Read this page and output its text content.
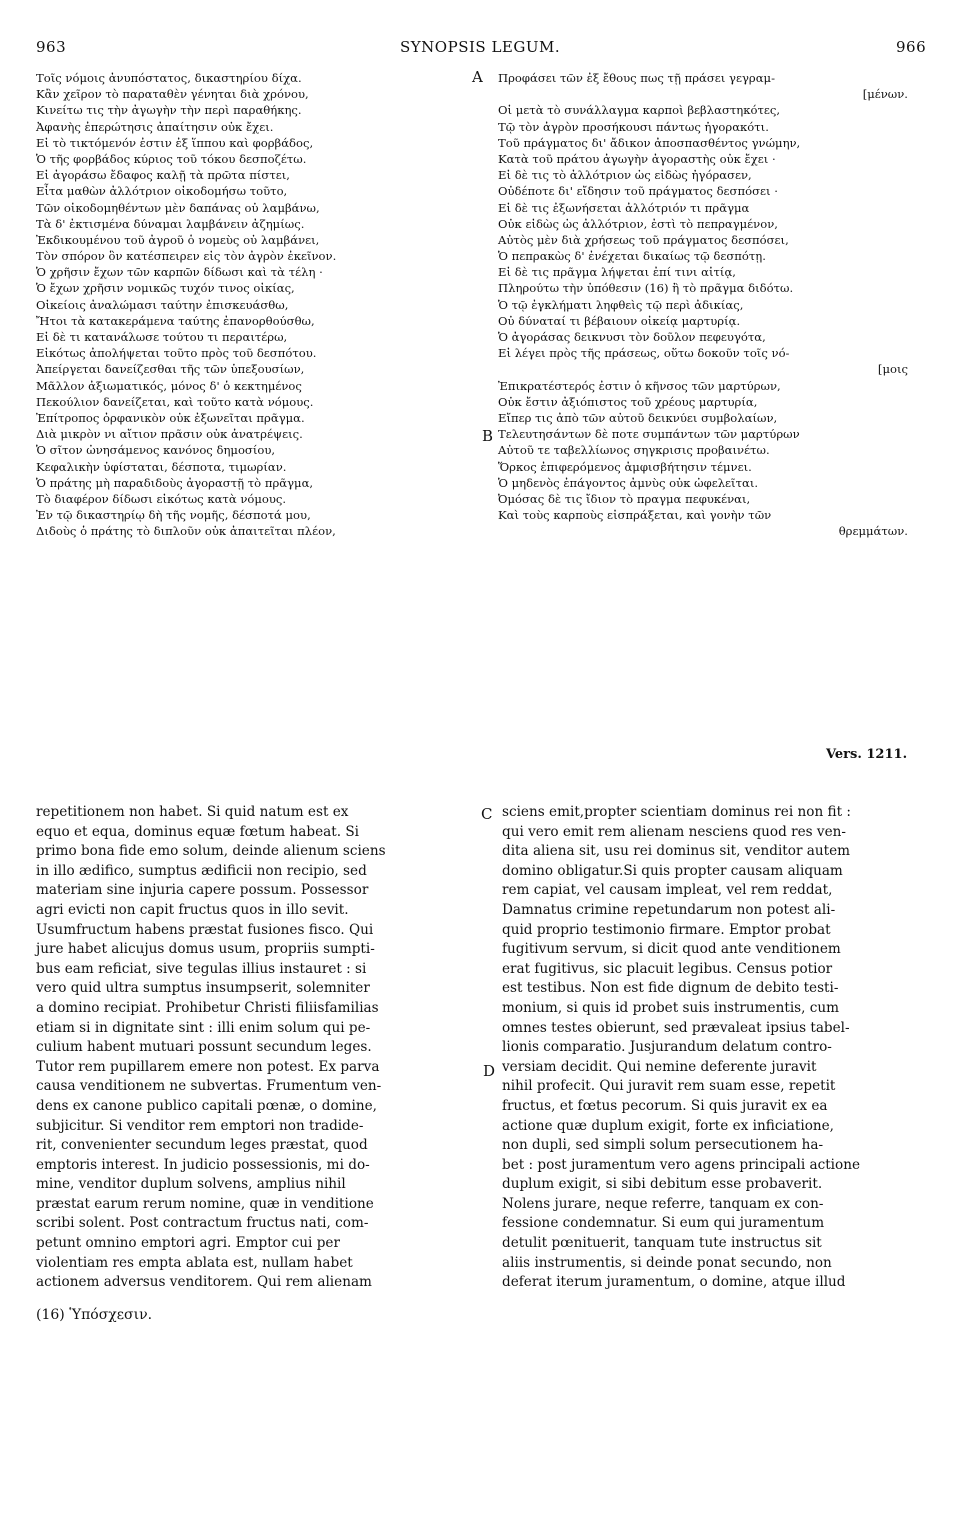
963	SYNOPSIS LEGUM.	966
Τοῖς νόμοις ἀνυπόστατος, δικαστηρίου δίχα.
Κἂν χεῖρον τὸ παραταθὲν γένηται διὰ χρόνου,
Κινείτω τις τὴν ἀγωγὴν τὴν περὶ παραθήκης.
Ἀφανὴς ἐπερώτησις ἀπαίτησιν οὐκ ἔχει.
Εἰ τὸ τικτόμενόν ἐστιν ἐξ ἵππου καὶ φορβάδος,
Ὁ τῆς φορβάδος κύριος τοῦ τόκου δεσποζέτω.
Εἰ ἀγοράσω ἔδαφος καλῇ τὰ πρῶτα πίστει,
Εἶτα μαθὼν ἀλλότριον οἰκοδομήσω τοῦτο,
Τῶν οἰκοδομηθέντων μὲν δαπάνας οὐ λαμβάνω,
Τὰ δ' ἐκτισμένα δύναμαι λαμβάνειν ἀζημίως.
Ἐκδικουμένου τοῦ ἀγροῦ ὁ νομεὺς οὐ λαμβάνει,
Τὸν σπόρον ὃν κατέσπειρεν εἰς τὸν ἀγρὸν ἐκεῖνον.
Ὁ χρῆσιν ἔχων τῶν καρπῶν δίδωσι καὶ τὰ τέλη ·
Ὁ ἔχων χρῆσιν νομικῶς τυχόν τινος οἰκίας,
Οἰκείοις ἀναλώμασι ταύτην ἐπισκευάσθω,
Ἤτοι τὰ κατακεράμενα ταύτης ἐπανορθούσθω,
Εἰ δὲ τι κατανάλωσε τούτου τι περαιτέρω,
Εἰκότως ἀπολήψεται τοῦτο πρὸς τοῦ δεσπότου.
Ἀπείργεται δανείζεσθαι τῆς τῶν ὑπεξουσίων,
Μᾶλλον ἀξιωματικός, μόνος δ' ὁ κεκτημένος
Πεκούλιον δανείζεται, καὶ τοῦτο κατὰ νόμους.
Ἐπίτροπος ὀρφανικὸν οὐκ ἐξωνεῖται πρᾶγμα.
Διὰ μικρὸν νι αἴτιον πρᾶσιν οὐκ ἀνατρέψεις.
Ὁ σῖτον ὠνησάμενος κανόνος δημοσίου,
Κεφαλικὴν ὑφίσταται, δέσποτα, τιμωρίαν.
Ὁ πράτης μὴ παραδιδοὺς ἀγοραστῇ τὸ πρᾶγμα,
Τὸ διαφέρον δίδωσι εἰκότως κατὰ νόμους.
Ἐν τῷ δικαστηρίῳ δὴ τῆς νομῆς, δέσποτά μου,
Διδοὺς ὁ πράτης τὸ διπλοῦν οὐκ ἀπαιτεῖται πλέον,
Προφάσει τῶν ἐξ ἔθους πως τῇ πράσει γεγραμ-
[μένων.
Οἱ μετὰ τὸ συνάλλαγμα καρποὶ βεβλαστηκότες,
Τῷ τὸν ἀγρὸν προσήκουσι πάντως ἠγορακότι.
Τοῦ πράγματος δι' ἄδικον ἀποσπασθέντος γνώμην,
Κατὰ τοῦ πράτου ἀγωγὴν ἀγοραστὴς οὐκ ἔχει ·
Εἰ δὲ τις τὸ ἀλλότριον ὡς εἰδὼς ἠγόρασεν,
Οὐδέποτε δι' εἴδησιν τοῦ πράγματος δεσπόσει ·
Εἰ δὲ τις ἐξωνήσεται ἀλλότριόν τι πρᾶγμα
Οὐκ εἰδὼς ὡς ἀλλότριον, ἐστὶ τὸ πεπραγμένον,
Αὐτὸς μὲν διὰ χρήσεως τοῦ πράγματος δεσπόσει,
Ὁ πεπρακὼς δ' ἐνέχεται δικαίως τῷ δεσπότῃ.
Εἰ δὲ τις πρᾶγμα λήψεται ἐπί τινι αἰτίᾳ,
Πληρούτω τὴν ὑπόθεσιν (16) ἢ τὸ πρᾶγμα διδότω.
Ὁ τῷ ἐγκλήματι ληφθεὶς τῷ περὶ ἀδικίας,
Οὐ δύναταί τι βέβαιουν οἰκείᾳ μαρτυρίᾳ.
Ὁ ἀγοράσας δεικνυσι τὸν δοῦλον πεφευγότα,
Εἰ λέγει πρὸς τῆς πράσεως, οὕτω δοκοῦν τοῖς νό-
[μοις
Ἐπικρατέστερός ἐστιν ὁ κῆνσος τῶν μαρτύρων,
Οὐκ ἔστιν ἀξιόπιστος τοῦ χρέους μαρτυρία,
Εἴπερ τις ἀπὸ τῶν αὐτοῦ δεικνύει συμβολαίων,
Τελευτησάντων δὲ ποτε συμπάντων τῶν μαρτύρων
Αὐτοῦ τε ταβελλίωνος σηγκρισις προβαινέτω.
Ὅρκος ἐπιφερόμενος ἀμφισβήτησιν τέμνει.
Ὁ μηδενὸς ἐπάγοντος ἀμνὺς οὐκ ὠφελεῖται.
Ὀμόσας δὲ τις ἴδιον τὸ πραγμα πεφυκέναι,
Καὶ τοὺς καρποὺς εἰσπράξεται, καὶ γονὴν τῶν
θρεμμάτων.
A
B
C
D
Vers. 1211.
repetitionem non habet. Si quid natum est ex
equo et equa, dominus equæ fœtum habeat. Si
primo bona fide emo solum, deinde alienum sciens
in illo ædifico, sumptus ædificii non recipio, sed
materiam sine injuria capere possum. Possessor
agri evicti non capit fructus quos in illo sevit.
Usumfructum habens præstat fusiones fisco. Qui
jure habet alicujus domus usum, propriis sumpti-
bus eam reficiat, sive tegulas illius instauret : si
vero quid ultra sumptus insumpserit, solemniter
a domino recipiat. Prohibetur Christi filiisfamilias
etiam si in dignitate sint : illi enim solum qui pe-
culium habent mutuari possunt secundum leges.
Tutor rem pupillarem emere non potest. Ex parva
causa venditionem ne subvertas. Frumentum ven-
dens ex canone publico capitali pœnæ, o domine,
subjicitur. Si venditor rem emptori non tradide-
rit, convenienter secundum leges præstat, quod
emptoris interest. In judicio possessionis, mi do-
mine, venditor duplum solvens, amplius nihil
præstat earum rerum nomine, quæ in venditione
scribi solent. Post contractum fructus nati, com-
petunt omnino emptori agri. Emptor cui per
violentiam res empta ablata est, nullam habet
actionem adversus venditorem. Qui rem alienam
sciens emit,propter scientiam dominus rei non fit :
qui vero emit rem alienam nesciens quod res ven-
dita aliena sit, usu rei dominus sit, venditor autem
domino obligatur.Si quis propter causam aliquam
rem capiat, vel causam impleat, vel rem reddat,
Damnatus crimine repetundarum non potest ali-
quid proprio testimonio firmare. Emptor probat
fugitivum servum, si dicit quod ante venditionem
erat fugitivus, sic placuit legibus. Census potior
est testibus. Non est fide dignum de debito testi-
monium, si quis id probet suis instrumentis, cum
omnes testes obierunt, sed prævaleat ipsius tabel-
lionis comparatio. Jusjurandum delatum contro-
versiam decidit. Qui nemine deferente juravit
nihil profecit. Qui juravit rem suam esse, repetit
fructus, et fœtus pecorum. Si quis juravit ex ea
actione quæ duplum exigit, forte ex inficiatione,
non dupli, sed simpli solum persecutionem ha-
bet : post juramentum vero agens principali actione
duplum exigit, si sibi debitum esse probaverit.
Nolens jurare, neque referre, tanquam ex con-
fessione condemnatur. Si eum qui juramentum
detulit pœnituerit, tanquam tute instructus sit
aliis instrumentis, si deinde ponat secundo, non
deferat iterum juramentum, o domine, atque illud
(16) Ὑπόσχεσιν.
